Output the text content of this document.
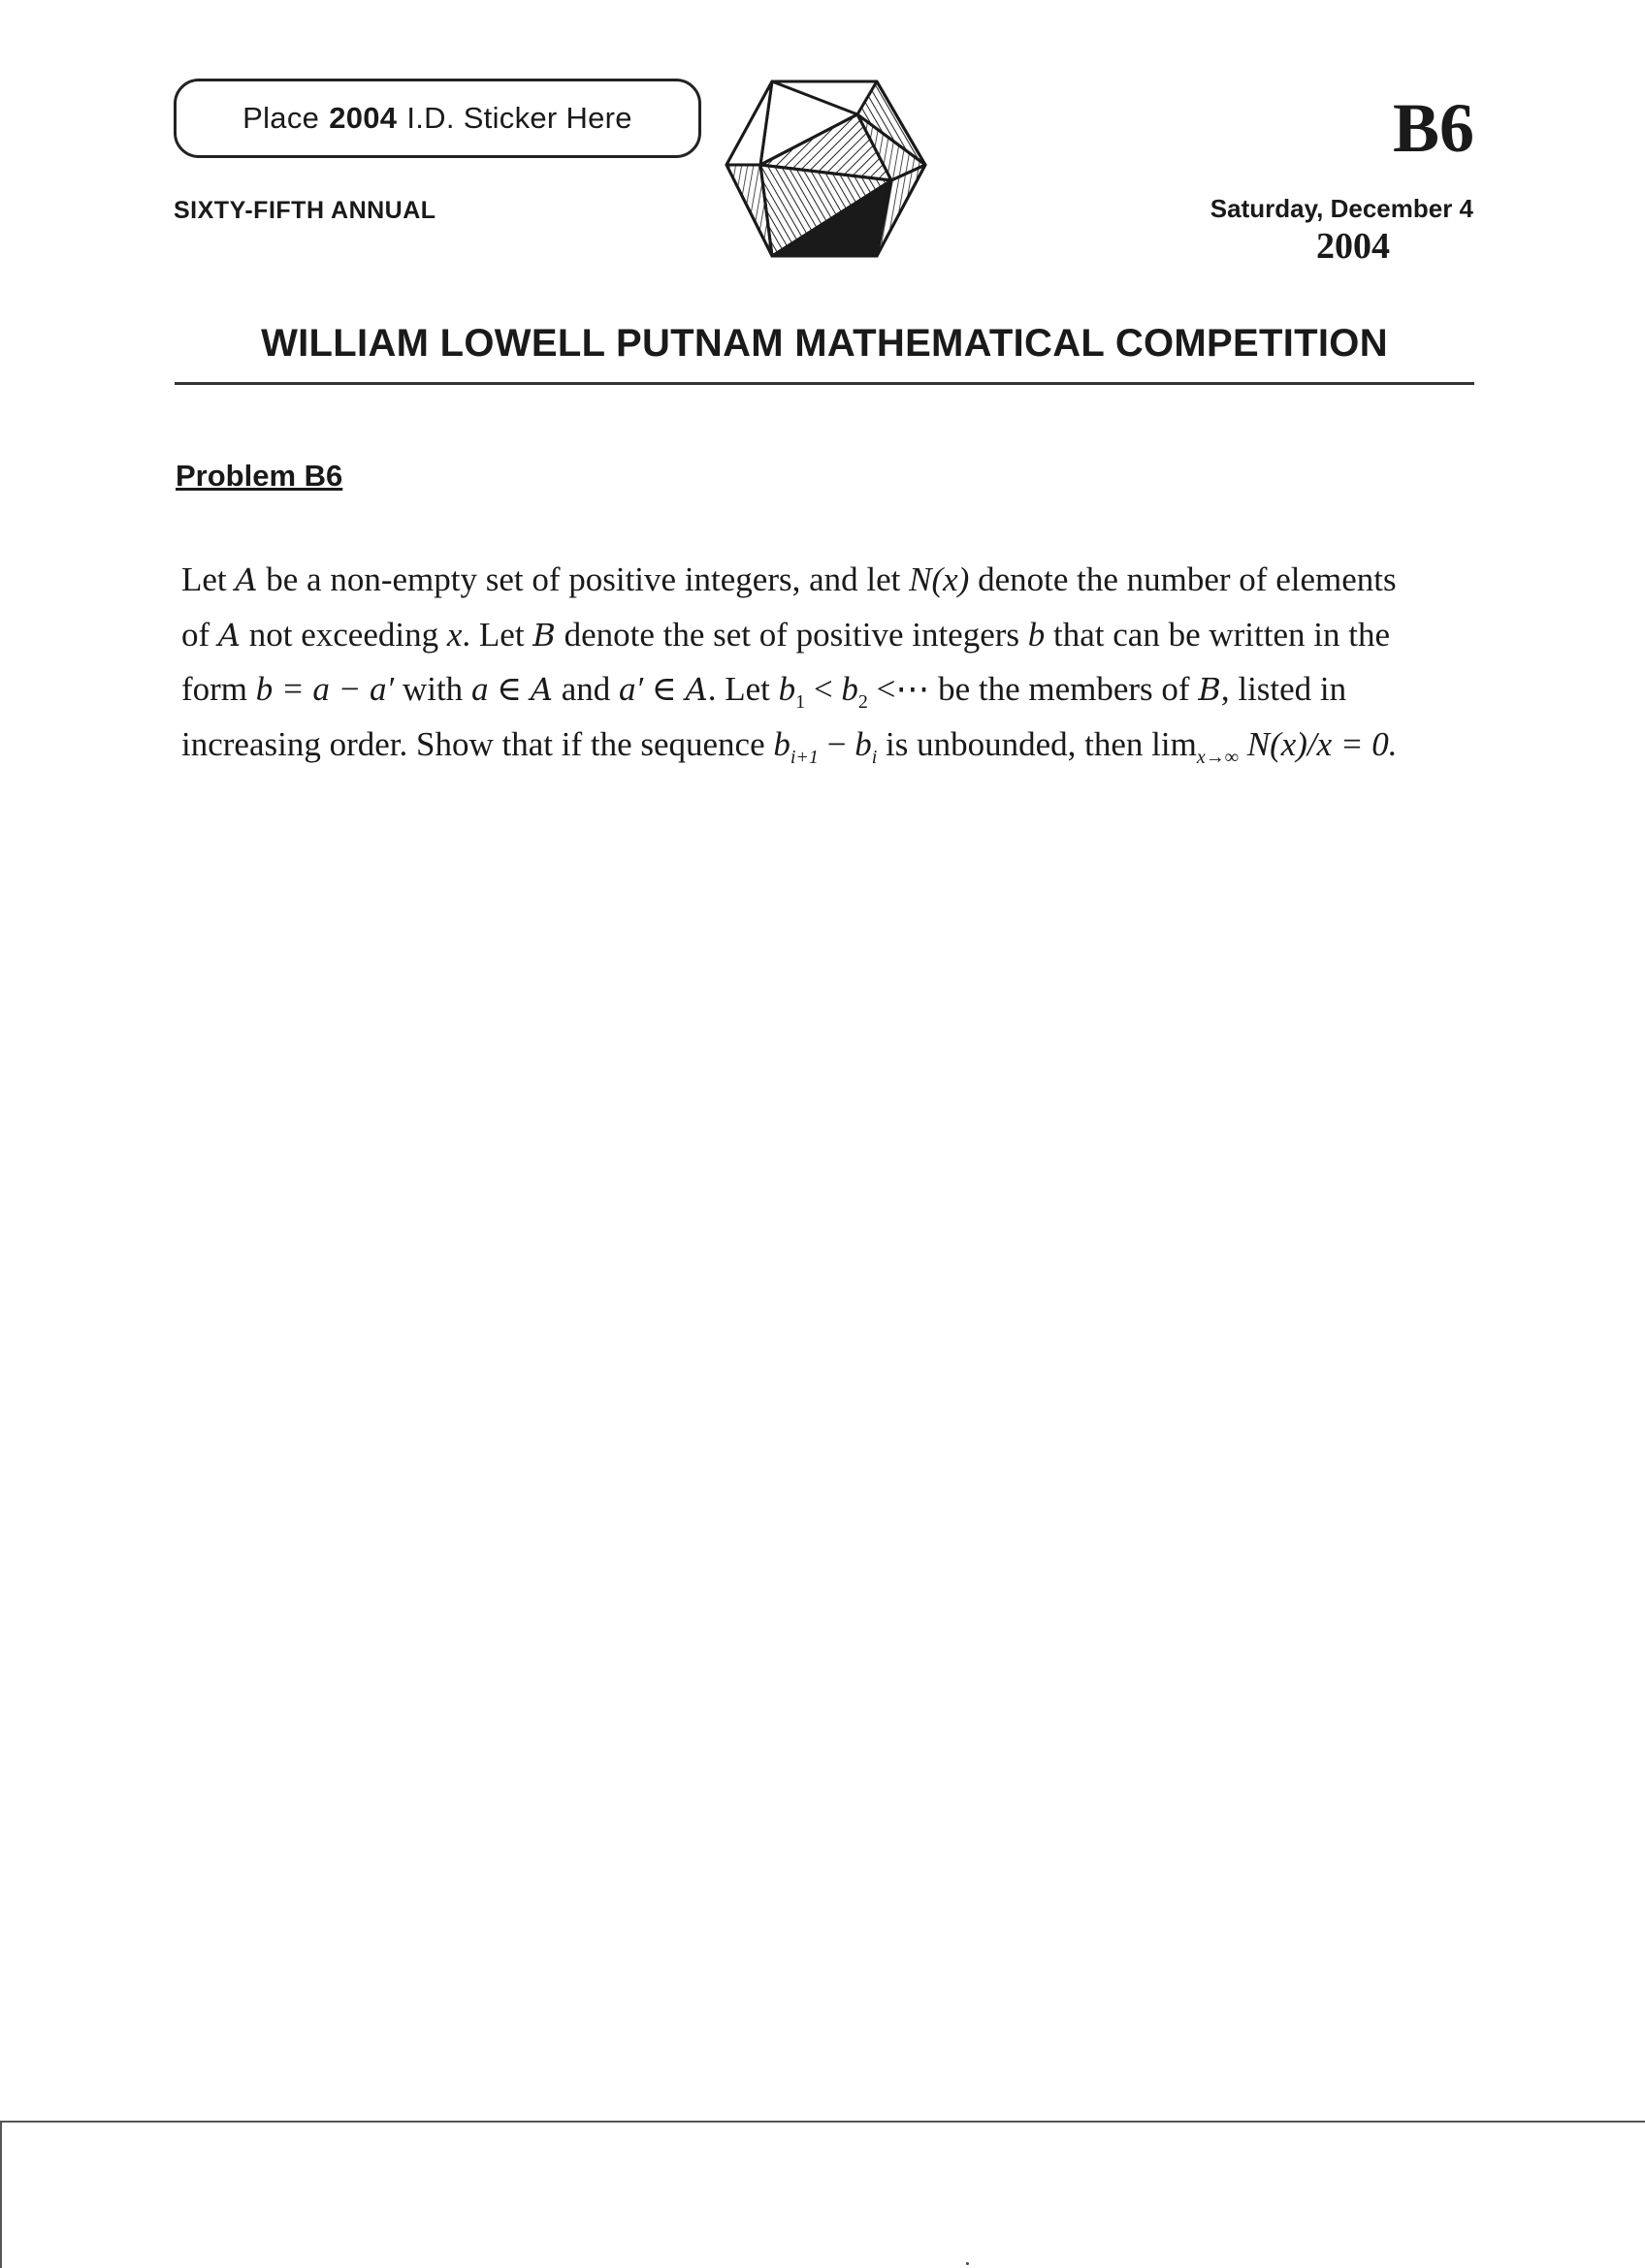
Place 2004 I.D. Sticker Here
SIXTY-FIFTH ANNUAL
B6
Saturday, December 4
2004
WILLIAM LOWELL PUTNAM MATHEMATICAL COMPETITION
Problem B6
Let A be a non-empty set of positive integers, and let N(x) denote the number of elements of A not exceeding x. Let B denote the set of positive integers b that can be written in the form b = a − a′ with a ∈ A and a′ ∈ A. Let $b_1 < b_2$ <⋯ be the members of B, listed in increasing order. Show that if the sequence $b_{i+1} - b_i$ is unbounded, then $\lim_{x\to\infty} N(x)/x = 0$.
